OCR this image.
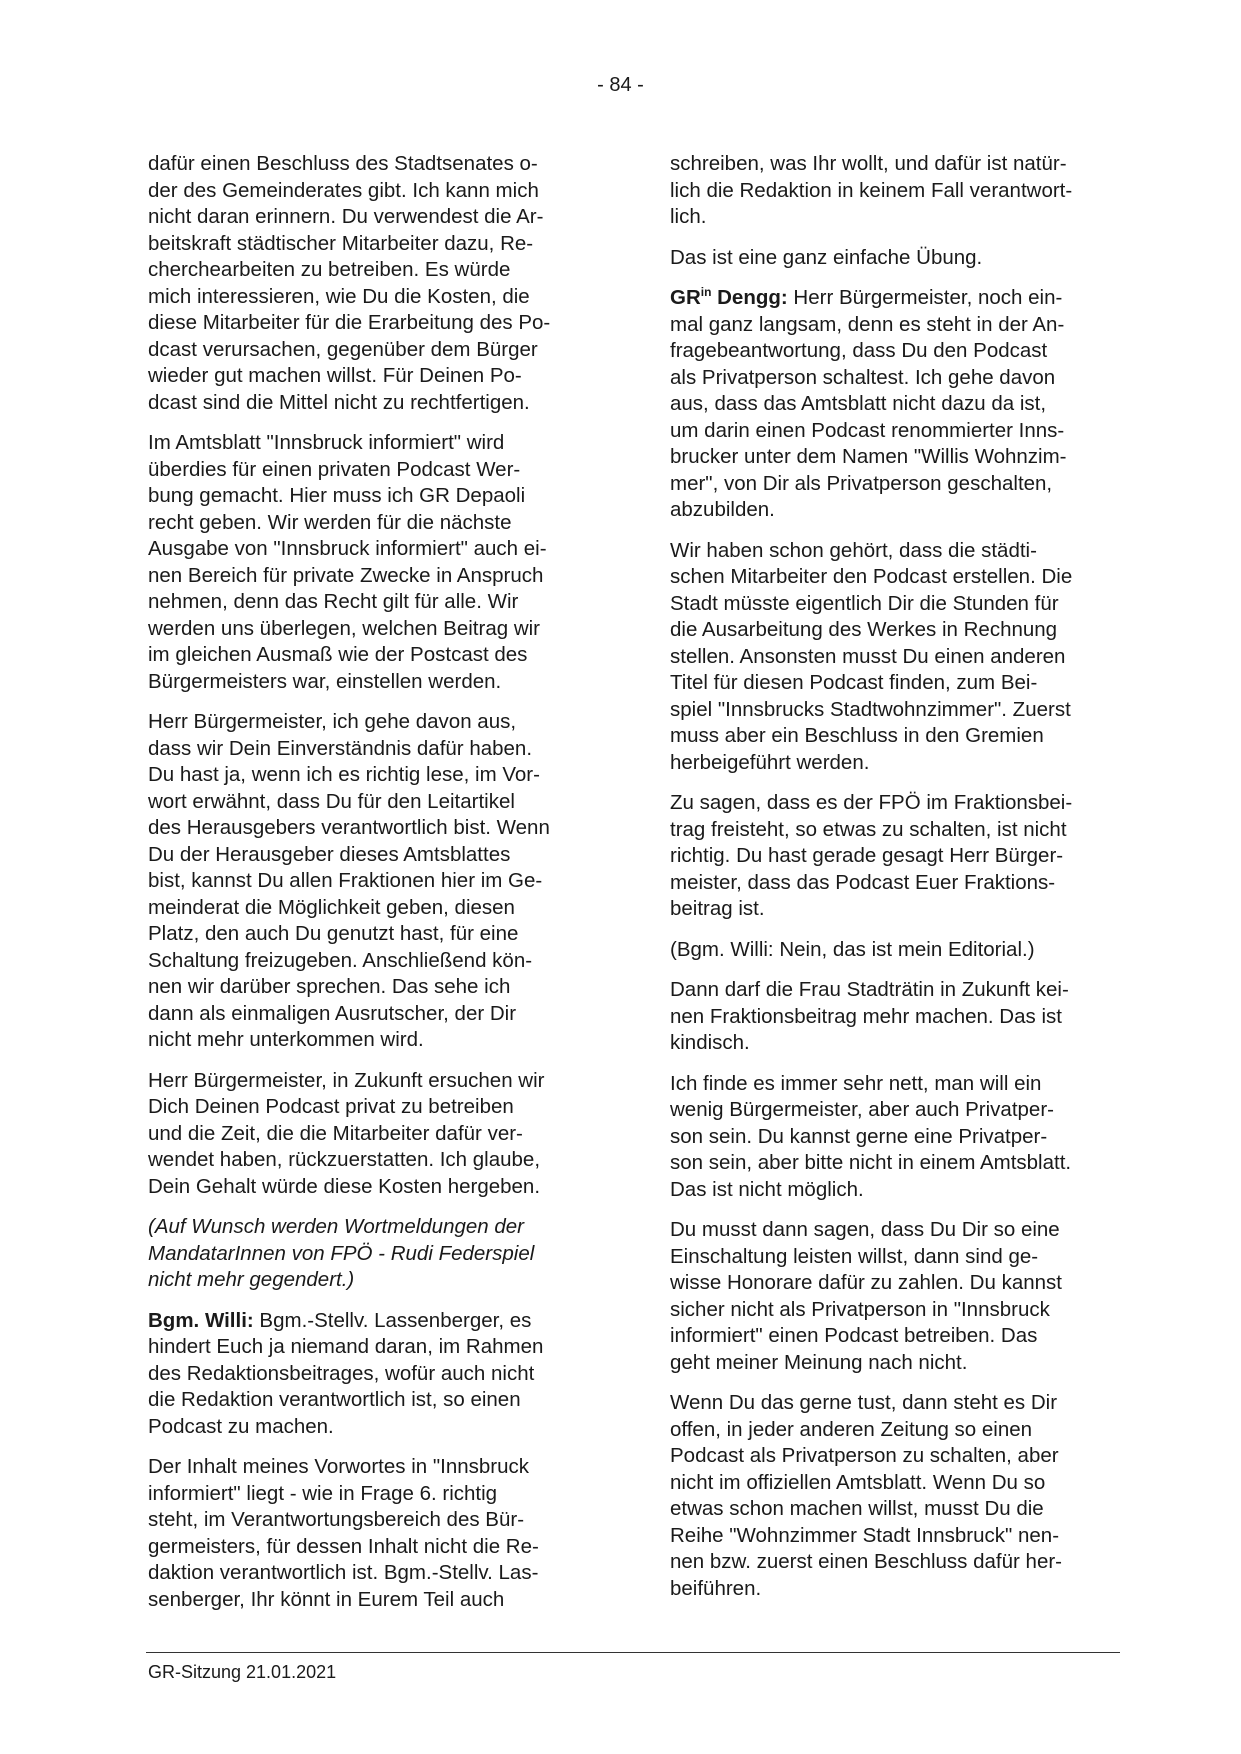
- 84 -

dafür einen Beschluss des Stadtsenates o-
der des Gemeinderates gibt. Ich kann mich
nicht daran erinnern. Du verwendest die Ar-
beitskraft städtischer Mitarbeiter dazu, Re-
cherchearbeiten zu betreiben. Es würde
mich interessieren, wie Du die Kosten, die
diese Mitarbeiter für die Erarbeitung des Po-
dcast verursachen, gegenüber dem Bürger
wieder gut machen willst. Für Deinen Po-
dcast sind die Mittel nicht zu rechtfertigen.

Im Amtsblatt "Innsbruck informiert" wird
überdies für einen privaten Podcast Wer-
bung gemacht. Hier muss ich GR Depaoli
recht geben. Wir werden für die nächste
Ausgabe von "Innsbruck informiert" auch ei-
nen Bereich für private Zwecke in Anspruch
nehmen, denn das Recht gilt für alle. Wir
werden uns überlegen, welchen Beitrag wir
im gleichen Ausmaß wie der Postcast des
Bürgermeisters war, einstellen werden.

Herr Bürgermeister, ich gehe davon aus,
dass wir Dein Einverständnis dafür haben.
Du hast ja, wenn ich es richtig lese, im Vor-
wort erwähnt, dass Du für den Leitartikel
des Herausgebers verantwortlich bist. Wenn
Du der Herausgeber dieses Amtsblattes
bist, kannst Du allen Fraktionen hier im Ge-
meinderat die Möglichkeit geben, diesen
Platz, den auch Du genutzt hast, für eine
Schaltung freizugeben. Anschließend kön-
nen wir darüber sprechen. Das sehe ich
dann als einmaligen Ausrutscher, der Dir
nicht mehr unterkommen wird.

Herr Bürgermeister, in Zukunft ersuchen wir
Dich Deinen Podcast privat zu betreiben
und die Zeit, die die Mitarbeiter dafür ver-
wendet haben, rückzuerstatten. Ich glaube,
Dein Gehalt würde diese Kosten hergeben.

(Auf Wunsch werden Wortmeldungen der
MandatarInnen von FPÖ - Rudi Federspiel
nicht mehr gegendert.)

Bgm. Willi: Bgm.-Stellv. Lassenberger, es
hindert Euch ja niemand daran, im Rahmen
des Redaktionsbeitrages, wofür auch nicht
die Redaktion verantwortlich ist, so einen
Podcast zu machen.

Der Inhalt meines Vorwortes in "Innsbruck
informiert" liegt - wie in Frage 6. richtig
steht, im Verantwortungsbereich des Bür-
germeisters, für dessen Inhalt nicht die Re-
daktion verantwortlich ist. Bgm.-Stellv. Las-
senberger, Ihr könnt in Eurem Teil auch

schreiben, was Ihr wollt, und dafür ist natür-
lich die Redaktion in keinem Fall verantwort-
lich.

Das ist eine ganz einfache Übung.

$GR^{in}$ Dengg: Herr Bürgermeister, noch ein-
mal ganz langsam, denn es steht in der An-
fragebeantwortung, dass Du den Podcast
als Privatperson schaltest. Ich gehe davon
aus, dass das Amtsblatt nicht dazu da ist,
um darin einen Podcast renommierter Inns-
brucker unter dem Namen "Willis Wohnzim-
mer", von Dir als Privatperson geschalten,
abzubilden.

Wir haben schon gehört, dass die städti-
schen Mitarbeiter den Podcast erstellen. Die
Stadt müsste eigentlich Dir die Stunden für
die Ausarbeitung des Werkes in Rechnung
stellen. Ansonsten musst Du einen anderen
Titel für diesen Podcast finden, zum Bei-
spiel "Innsbrucks Stadtwohnzimmer". Zuerst
muss aber ein Beschluss in den Gremien
herbeigeführt werden.

Zu sagen, dass es der FPÖ im Fraktionsbei-
trag freisteht, so etwas zu schalten, ist nicht
richtig. Du hast gerade gesagt Herr Bürger-
meister, dass das Podcast Euer Fraktions-
beitrag ist.

(Bgm. Willi: Nein, das ist mein Editorial.)

Dann darf die Frau Stadträtin in Zukunft kei-
nen Fraktionsbeitrag mehr machen. Das ist
kindisch.

Ich finde es immer sehr nett, man will ein
wenig Bürgermeister, aber auch Privatper-
son sein. Du kannst gerne eine Privatper-
son sein, aber bitte nicht in einem Amtsblatt.
Das ist nicht möglich.

Du musst dann sagen, dass Du Dir so eine
Einschaltung leisten willst, dann sind ge-
wisse Honorare dafür zu zahlen. Du kannst
sicher nicht als Privatperson in "Innsbruck
informiert" einen Podcast betreiben. Das
geht meiner Meinung nach nicht.

Wenn Du das gerne tust, dann steht es Dir
offen, in jeder anderen Zeitung so einen
Podcast als Privatperson zu schalten, aber
nicht im offiziellen Amtsblatt. Wenn Du so
etwas schon machen willst, musst Du die
Reihe "Wohnzimmer Stadt Innsbruck" nen-
nen bzw. zuerst einen Beschluss dafür her-
beiführen.

GR-Sitzung 21.01.2021
